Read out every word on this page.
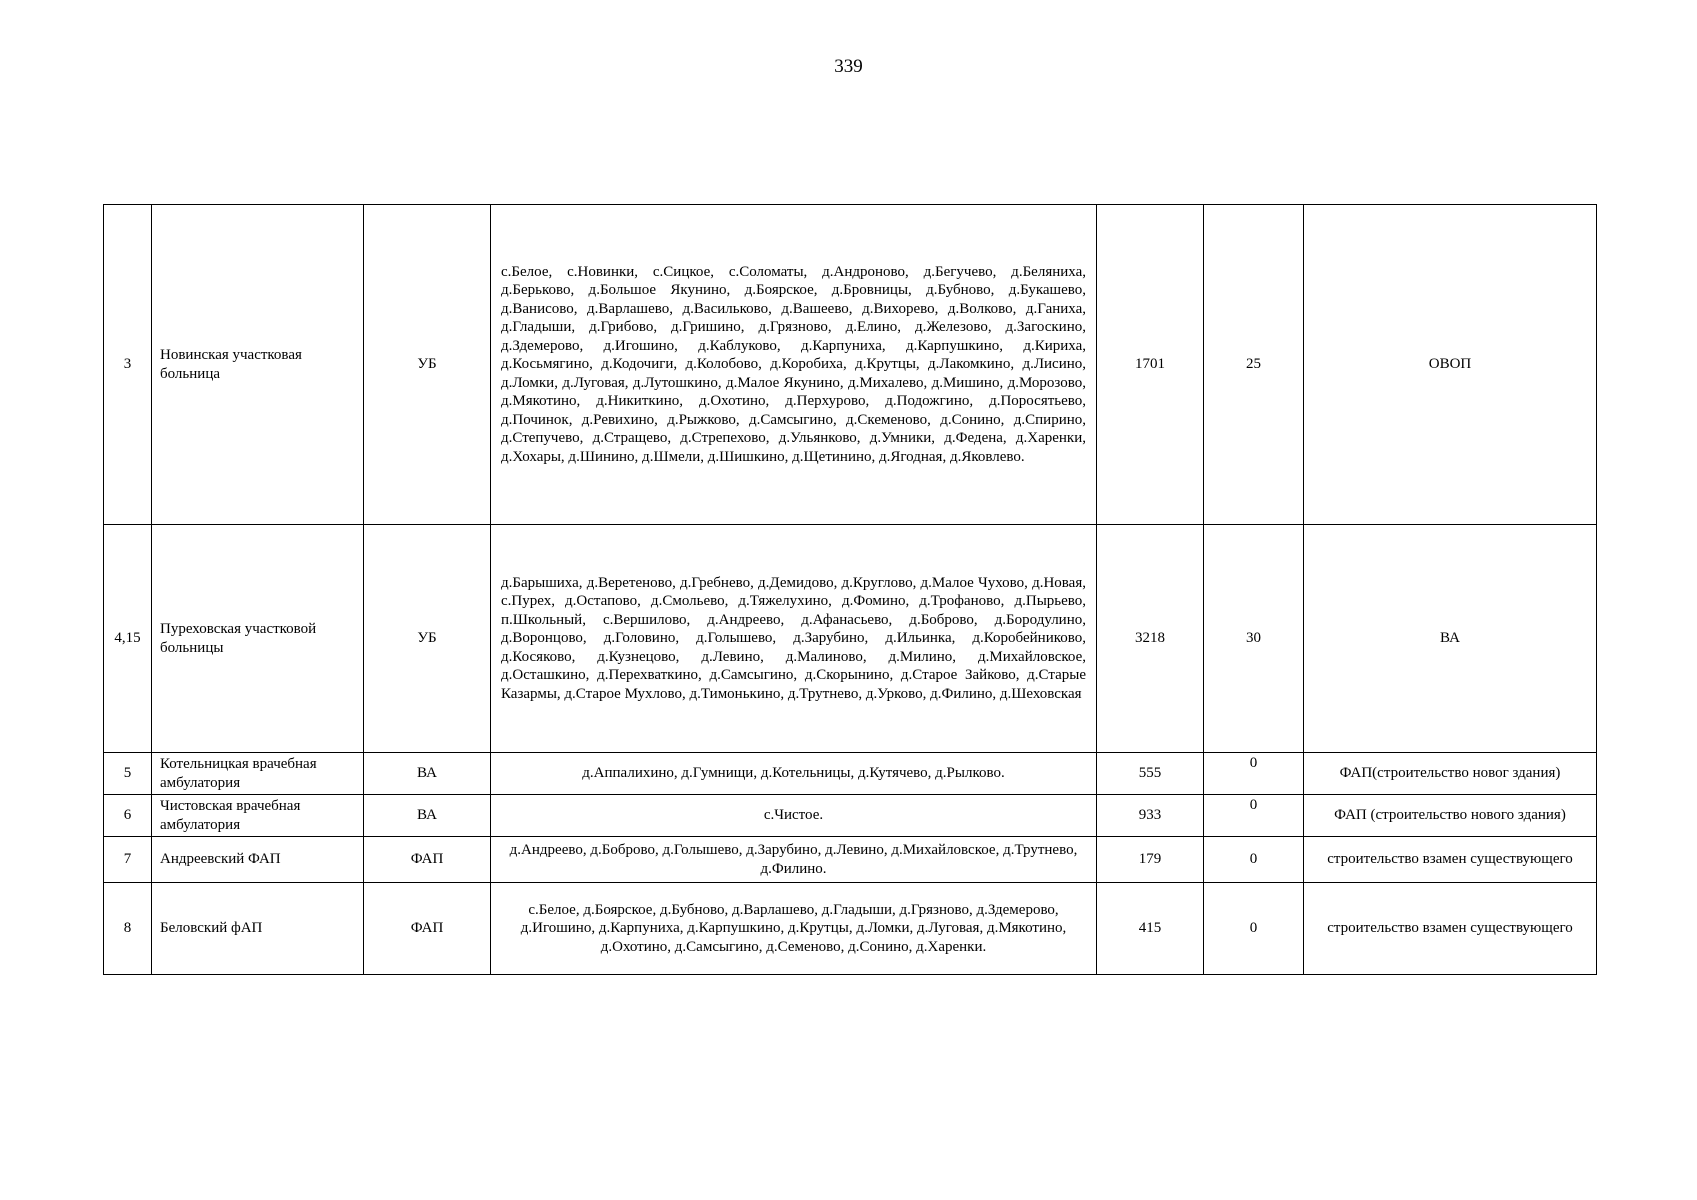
339
3	Новинская участковая больница	УБ	с.Белое, с.Новинки, с.Сицкое, с.Соломаты, д.Андроново, д.Бегучево, д.Беляниха, д.Берьково, д.Большое Якунино, д.Боярское, д.Бровницы, д.Бубново, д.Букашево, д.Ванисово, д.Варлашево, д.Васильково, д.Вашеево, д.Вихорево, д.Волково, д.Ганиха, д.Гладыши, д.Грибово, д.Гришино, д.Грязново, д.Елино, д.Железово, д.Загоскино, д.Здемерово, д.Игошино, д.Каблуково, д.Карпуниха, д.Карпушкино, д.Кириха, д.Косьмягино, д.Кодочиги, д.Колобово, д.Коробиха, д.Крутцы, д.Лакомкино, д.Лисино, д.Ломки, д.Луговая, д.Лутошкино, д.Малое Якунино, д.Михалево, д.Мишино, д.Морозово, д.Мякотино, д.Никиткино, д.Охотино, д.Перхурово, д.Подожгино, д.Поросятьево, д.Починок, д.Ревихино, д.Рыжково, д.Самсыгино, д.Скеменово, д.Сонино, д.Спирино, д.Степучево, д.Стращево, д.Стрепехово, д.Ульянково, д.Умники, д.Федена, д.Харенки, д.Хохары, д.Шинино, д.Шмели, д.Шишкино, д.Щетинино, д.Ягодная, д.Яковлево.	1701	25	ОВОП
4,15	Пуреховская участковой больницы	УБ	д.Барышиха, д.Веретеново, д.Гребнево, д.Демидово, д.Круглово, д.Малое Чухово, д.Новая, с.Пурех, д.Остапово, д.Смольево, д.Тяжелухино, д.Фомино, д.Трофаново, д.Пырьево, п.Школьный, с.Вершилово, д.Андреево, д.Афанасьево, д.Боброво, д.Бородулино, д.Воронцово, д.Головино, д.Голышево, д.Зарубино, д.Ильинка, д.Коробейниково, д.Косяково, д.Кузнецово, д.Левино, д.Малиново, д.Милино, д.Михайловское, д.Осташкино, д.Перехваткино, д.Самсыгино, д.Скорынино, д.Старое Зайково, д.Старые Казармы, д.Старое Мухлово, д.Тимонькино, д.Трутнево, д.Урково, д.Филино, д.Шеховская	3218	30	ВА
5	Котельницкая врачебная амбулатория	ВА	д.Аппалихино, д.Гумнищи, д.Котельницы, д.Кутячево, д.Рылково.	555	0	ФАП(строительство новог здания)
6	Чистовская врачебная амбулатория	ВА	с.Чистое.	933	0	ФАП (строительство нового здания)
7	Андреевский ФАП	ФАП	д.Андреево, д.Боброво, д.Голышево, д.Зарубино, д.Левино, д.Михайловское, д.Трутнево, д.Филино.	179	0	строительство взамен существующего
8	Беловский фАП	ФАП	с.Белое, д.Боярское, д.Бубново, д.Варлашево, д.Гладыши, д.Грязново, д.Здемерово, д.Игошино, д.Карпуниха, д.Карпушкино, д.Крутцы, д.Ломки, д.Луговая, д.Мякотино, д.Охотино, д.Самсыгино, д.Семеново, д.Сонино, д.Харенки.	415	0	строительство взамен существующего
